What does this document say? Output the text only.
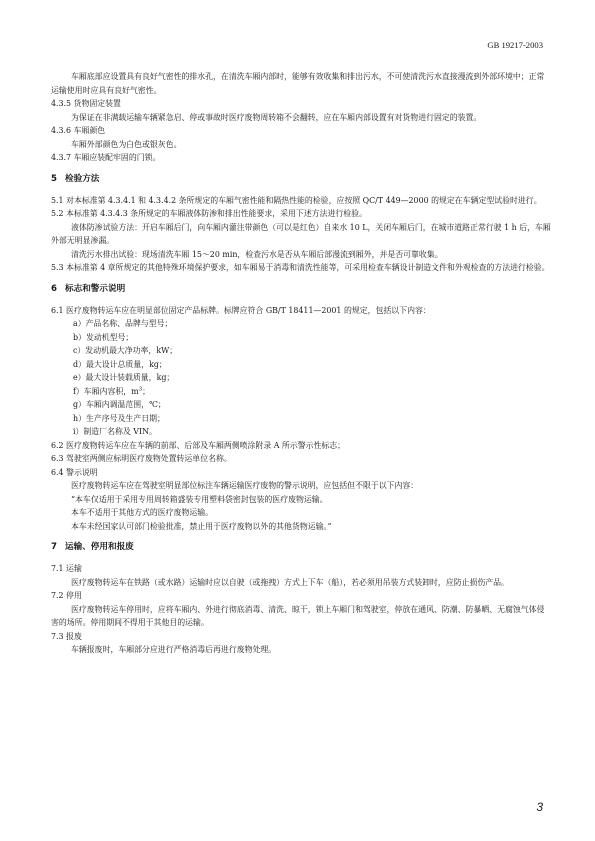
GB 19217-2003

车厢底部应设置具有良好气密性的排水孔，在清洗车厢内部时，能够有效收集和排出污水，不可使清洗污水直接漫流到外部环境中；正常运输使用时应具有良好气密性。

4.3.5 货物固定装置

为保证在非满载运输车辆紧急启、停或事故时医疗废物周转箱不会翻转，应在车厢内部设置有对货物进行固定的装置。

4.3.6 车厢颜色

车厢外部颜色为白色或银灰色。

4.3.7 车厢应装配牢固的门锁。

5 检验方法

5.1 对本标准第 4.3.4.1 和 4.3.4.2 条所规定的车厢气密性能和隔热性能的检验，应按照 QC/T 449—2000 的规定在车辆定型试验时进行。

5.2 本标准第 4.3.4.3 条所规定的车厢液体防渗和排出性能要求，采用下述方法进行检验。

液体防渗试验方法：开启车厢后门，向车厢内灌注带颜色（可以是红色）自来水 10 L，关闭车厢后门，在城市道路正常行驶 1 h 后，车厢外部无明显渗漏。

清洗污水排出试验：现场清洗车厢 15～20 min，检查污水是否从车厢后部漫流到厢外，并是否可靠收集。

5.3 本标准第 4 章所规定的其他特殊环境保护要求，如车厢易于消毒和清洗性能等，可采用检查车辆设计制造文件和外观检查的方法进行检验。

6 标志和警示说明

6.1 医疗废物转运车应在明显部位固定产品标牌。标牌应符合 GB/T 18411—2001 的规定，包括以下内容：

a）产品名称、品牌与型号；

b）发动机型号；

c）发动机最大净功率，kW；

d）最大设计总质量，kg；

e）最大设计装载质量，kg；

f）车厢内容积，$m^3$；

g）车厢内调温范围，℃；

h）生产序号及生产日期；

i）制造厂名称及 VIN。

6.2 医疗废物转运车应在车辆的前部、后部及车厢两侧喷涂附录 A 所示警示性标志；

6.3 驾驶室两侧应标明医疗废物处置转运单位名称。

6.4 警示说明

医疗废物转运车应在驾驶室明显部位标注车辆运输医疗废物的警示说明，应包括但不限于以下内容：

“本车仅适用于采用专用周转箱盛装专用塑料袋密封包装的医疗废物运输。

本车不适用于其他方式的医疗废物运输。

本车未经国家认可部门检验批准，禁止用于医疗废物以外的其他货物运输。”

7 运输、停用和报废

7.1 运输

医疗废物转运车在铁路（或水路）运输时应以自驶（或拖拽）方式上下车（船），若必须用吊装方式装卸时，应防止损伤产品。

7.2 停用

医疗废物转运车停用时，应将车厢内、外进行彻底消毒、清洗、晾干，锁上车厢门和驾驶室，停放在通风、防潮、防暴晒、无腐蚀气体侵害的场所。停用期间不得用于其他目的运输。

7.3 报废

车辆报废时，车厢部分应进行严格消毒后再进行废物处理。

3
